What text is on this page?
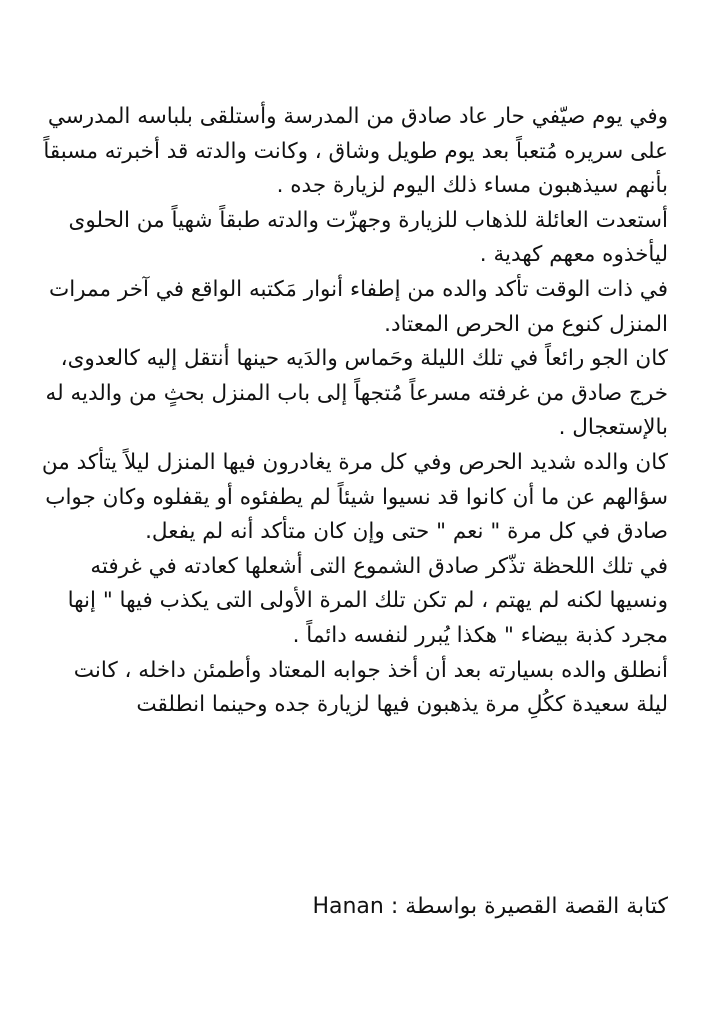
وفي يوم صيّفي حار عاد صادق من المدرسة وأستلقى بلباسه المدرسي على سريره مُتعباً بعد يوم طويل وشاق ، وكانت والدته قد أخبرته مسبقاً بأنهم سيذهبون مساء ذلك اليوم لزيارة جده .

أستعدت العائلة للذهاب للزيارة وجهزّت والدته طبقاً شهياً من الحلوى ليأخذوه معهم كهدية .

في ذات الوقت تأكد والده من إطفاء أنوار مَكتبه الواقع في آخر ممرات المنزل كنوع من الحرص المعتاد.

كان الجو رائعاً في تلك الليلة وحَماس والدَيه حينها أنتقل إليه كالعدوى، خرج صادق من غرفته مسرعاً مُتجهاً إلى باب المنزل بحثٍ من والديه له بالإستعجال .

كان والده شديد الحرص وفي كل مرة يغادرون فيها المنزل ليلاً يتأكد من سؤالهم عن ما أن كانوا قد نسيوا شيئاً لم يطفئوه أو يقفلوه وكان جواب صادق في كل مرة " نعم " حتى وإن كان متأكد أنه لم يفعل.

في تلك اللحظة تذّكر صادق الشموع التى أشعلها كعادته في غرفته ونسيها لكنه لم يهتم ، لم تكن تلك المرة الأولى التى يكذب فيها " إنها مجرد كذبة بيضاء " هكذا يُبرر لنفسه دائماً .

أنطلق والده بسيارته بعد أن أخذ جوابه المعتاد وأطمئن داخله ، كانت ليلة سعيدة ككُلِ مرة يذهبون فيها لزيارة جده وحينما انطلقت

كتابة القصة القصيرة بواسطة : Hanan
